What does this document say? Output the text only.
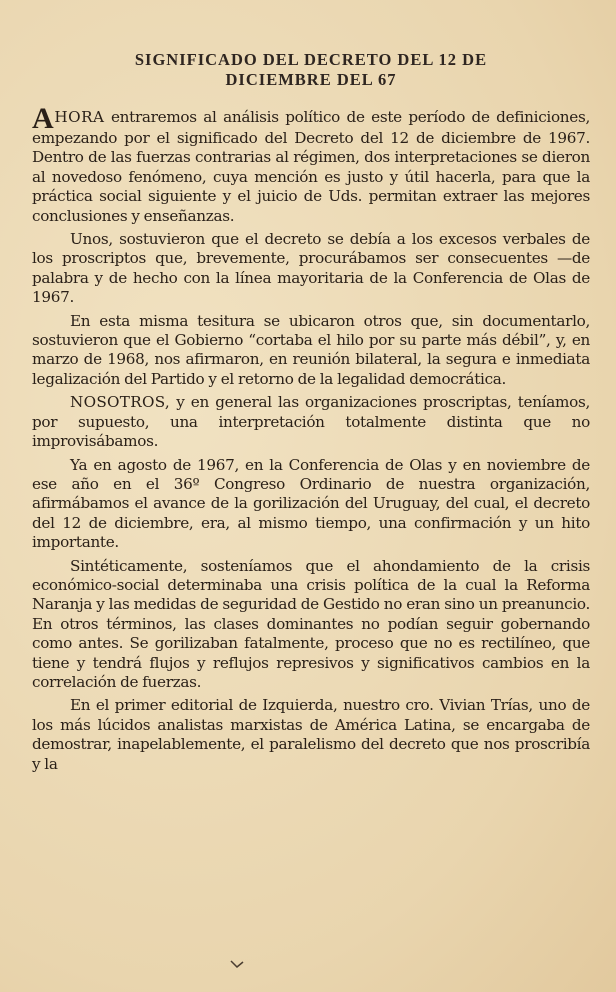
SIGNIFICADO DEL DECRETO DEL 12 DE
DICIEMBRE DEL 67

AHORA entraremos al análisis político de este período de definiciones, empezando por el significado del Decreto del 12 de diciembre de 1967. Dentro de las fuerzas contrarias al régimen, dos interpretaciones se dieron al novedoso fenómeno, cuya mención es justo y útil hacerla, para que la práctica social siguiente y el juicio de Uds. permitan extraer las mejores conclusiones y enseñanzas.

Unos, sostuvieron que el decreto se debía a los excesos verbales de los proscriptos que, brevemente, procurábamos ser consecuentes —de palabra y de hecho con la línea mayoritaria de la Conferencia de Olas de 1967.

En esta misma tesitura se ubicaron otros que, sin documentarlo, sostuvieron que el Gobierno “cortaba el hilo por su parte más débil”, y, en marzo de 1968, nos afirmaron, en reunión bilateral, la segura e inmediata legalización del Partido y el retorno de la legalidad democrática.

NOSOTROS, y en general las organizaciones proscriptas, teníamos, por supuesto, una interpretación totalmente distinta que no improvisábamos.

Ya en agosto de 1967, en la Conferencia de Olas y en noviembre de ese año en el 36º Congreso Ordinario de nuestra organización, afirmábamos el avance de la gorilización del Uruguay, del cual, el decreto del 12 de diciembre, era, al mismo tiempo, una confirmación y un hito importante.

Sintéticamente, sosteníamos que el ahondamiento de la crisis económico-social determinaba una crisis política de la cual la Reforma Naranja y las medidas de seguridad de Gestido no eran sino un preanuncio. En otros términos, las clases dominantes no podían seguir gobernando como antes. Se gorilizaban fatalmente, proceso que no es rectilíneo, que tiene y tendrá flujos y reflujos represivos y significativos cambios en la correlación de fuerzas.

En el primer editorial de Izquierda, nuestro cro. Vivian Trías, uno de los más lúcidos analistas marxistas de América Latina, se encargaba de demostrar, inapelablemente, el paralelismo del decreto que nos proscribía y la
